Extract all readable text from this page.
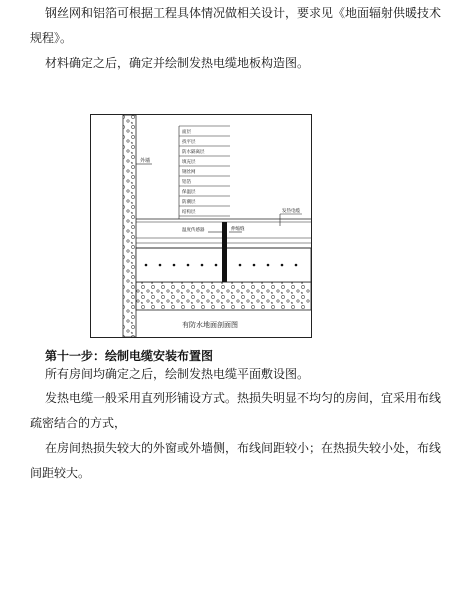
钢丝网和铝箔可根据工程具体情况做相关设计，要求见《地面辐射供暖技术
规程》。
材料确定之后，确定并绘制发热电缆地板构造图。
外墙
面层
找平层
防水隔离层
填充层
钢丝网
铝箔
保温层
防潮层
结构层	发热电缆
温度传感器	伸缩缝
有防水地面剖面图
第十一步：绘制电缆安装布置图
所有房间均确定之后，绘制发热电缆平面敷设图。
发热电缆一般采用直列形铺设方式。热损失明显不均匀的房间，宜采用布线
疏密结合的方式，
在房间热损失较大的外窗或外墙侧，布线间距较小；在热损失较小处，布线
间距较大。
